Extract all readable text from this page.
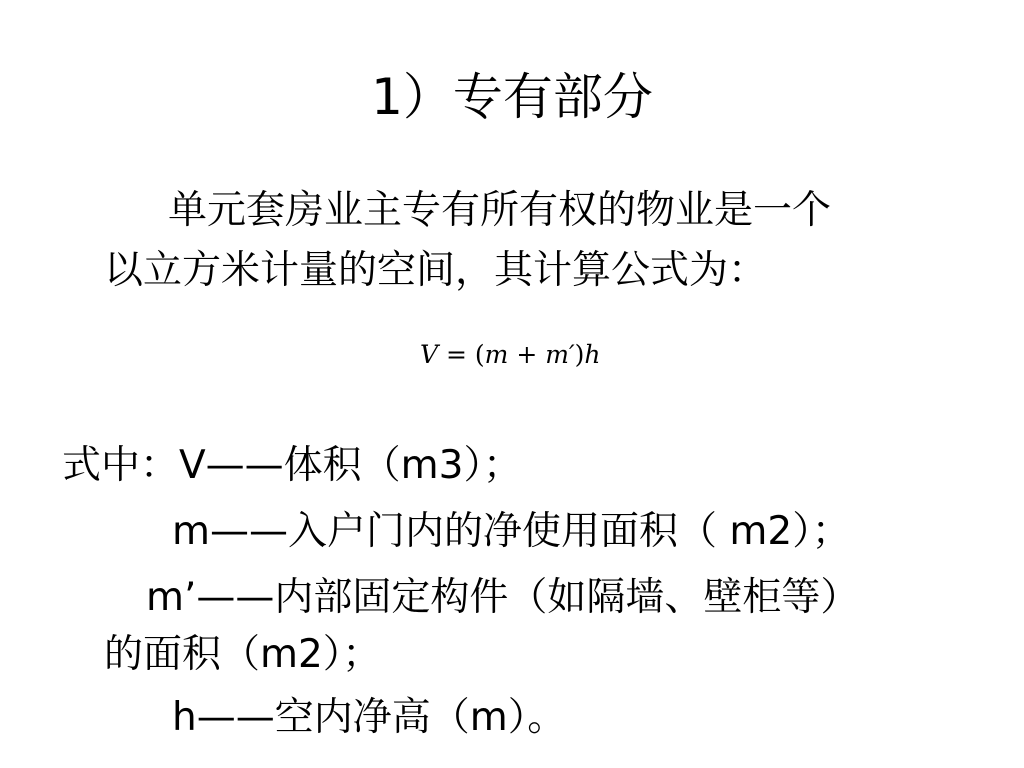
1）专有部分
单元套房业主专有所有权的物业是一个
以立方米计量的空间，其计算公式为：
V = (m + m′)h
式中：V——体积（m3）；
m——入户门内的净使用面积（ m2）；
m’——内部固定构件（如隔墙、壁柜等）
的面积（m2）；
h——空内净高（m）。
